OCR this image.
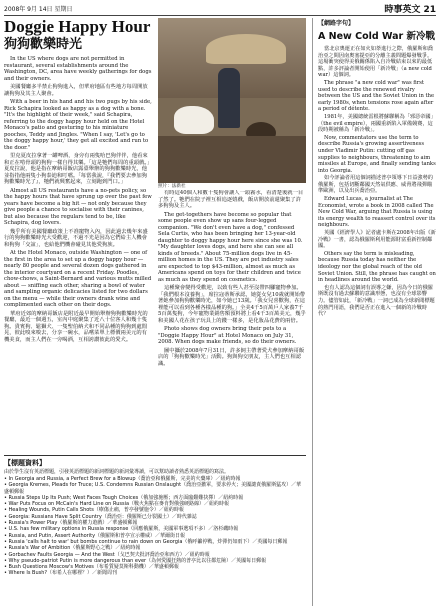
2008年 9月 14日 星期日	時事英文 21
Doggie Happy Hour
狗狗歡樂時光

In the US where dogs are not permitted in restaurant, several establishments around the Washington, DC, area have weekly gatherings for dogs and their owners.

美國餐廳多半禁止狗狗進入，但華府地區有些地方每周開放讓狗狗及其主人聚會。

With a beer in his hand and his two pugs by his side, Rick Schapira looked as happy as a dog with a bone. "It's the highlight of their week," said Schapira, referring to the doggy happy hour held on the Hotel Monaco's patio and gesturing to his miniature pooches, Teddy and Jingles. "When I say, 'Let's go to the doggy happy hour,' they get all excited and run to the door."

里克夏皮拉拿著一罐啤酒，身旁有兩隻哈巴狗伴伴，他看來和正在啃骨頭的狗狗一樣自得其樂。「這是牠們每周的重頭戲。」夏皮拉說，他是指在摩納哥飯店露臺舉辦的狗狗歡樂時光，他並指指他兩隻小狗泰迪和叮噹。「每當我說，『我們要去參加狗狗歡樂時光了』，牠們就興奮起來，立刻跑到門口。」

Almost all US restaurants have a no-pets policy, so the happy hours that have sprung up over the past few years have become a big hit — not only because they give people a chance to socialise with their canines, but also because the regulars tend to be, like Schapira, dog lovers.

幾乎所有美國餐廳政策上不准寵物入內，因此過去幾年來盛行的狗狗歡樂時光大受歡迎，不過不光是因為它們給主人機會和狗狗「交誼」，也給他們機會碰見其他愛狗族。

At the Hotel Monaco, outside Washington — one of the first in the area to set up a doggy happy hour — nearly 80 people and several dozen dogs gathered in the interior courtyard on a recent Friday. Poodles, chow-chows, a Saint-Bernard and various mutts milled about — sniffing each other, sharing a bowl of water and sampling organic delicacies listed for two dollars on the menu — while their owners drank wine and complimented each other on their dogs.

華府近郊的摩納哥飯店是附近最早開始舉辦狗狗歡樂時光的餐廳，最近一個週五，室內中庭聚集了近八十位客人和幾十隻狗。貴賓狗、鬆獅犬、一隻聖伯納犬和不同品種的狗狗到處閒晃，彼此嗅來嗅去，分享一碗水，品嚐菜單上標價兩美元的有機美食，而主人們在一旁喝酒，互相誇讚彼此的愛犬。

照片：法新社

有時這40個人和數十隻狗會讓人一頭霧水，看清楚後就一目了然了。牠們在院子裡互相追逐嬉戲，飯店開放前還聚集了許多狗狗及主人。

The get-togethers have become so popular that some people even show up sans four-legged companion. "We don't even have a dog," confessed Sela Curtis, who has been bringing her 13-year-old daughter to doggy happy hour here since she was 10. "My daughter loves dogs, and here she can see all kinds of breeds." About 75-million dogs live in 45-million homes in the US. They are pet industry sales are expected to top $43-million, almost as much as Americans spend on toys for their children and twice as much as they spend on cosmetics.

這種聚會變得受歡迎，以致有些人甚至沒帶四腳寵物參加。「我們根本沒養狗」，席拉寇蒂斯承認，她從女兒10歲就開始帶著她參加狗狗歡樂時光，如今她已13歲。「我女兒喜歡狗，在這裡能可以看到各種各樣品種的狗。」全美4千5百萬戶人家養7千5百萬隻狗，今年寵物業銷售額預料將上看4千3百萬美元，幾乎和美國人花在孩子玩具上的錢一樣多，是化妝品花費的兩倍。

Photo shows dog owners bring their pets to a "Doggie Happy Hour" at Hotel Monaco on July 31, 2008. When dogs make friends, so do their owners.

圖中攝於2008年7月31日，許多飼主帶著愛犬參加摩納哥飯店的「狗狗歡樂時光」活動。狗與狗交朋友，主人們也互相認識。

【標題資料】
由於學生沒有英語標題，引發英語標題的新詞標題的新詞彙導讀，可以幫助讀者熟悉英語標題的寫法。
• In Georgia and Russia, a Perfect Brew for a Blowup（喬治亞和俄羅斯，完美的火藥庫）／紐約時報
• Georgia Kremes, Pleads for Truce; U.S. Condemns Russian Onslaught（喬治亞撤軍，要求停火；美國譴責俄羅斯猛攻）／華盛頓郵報
• Russia Steps Up Its Push; West Faces Tough Choices（俄加強施壓；西方面臨艱難抉擇）／紐約時報
• War Puts Focus on McCain's Hard Line on Russia（戰火焦點在麥肯對俄強硬路線）／紐約時報
• Healing Wounds, Putin Calls Shots（療傷止痛，普亭發號施令）／紐約時報
• Georgia: Russians Have Split Country（喬治亞：俄羅斯已分裂國土）／時代雜誌
• Russia's Power Play（俄羅斯的權力遊戲）／華盛頓郵報
• U.S. has few military options in Russia response（回應俄羅斯，美國軍事選項不多）／洛杉磯時報
• Russia, and Putin, Assert Authority（俄羅斯和普亭宣示權威）／華爾街日報
• Russia 'calls halt to war' but bombs continue to rain down on Georgia（俄呼籲停戰，炸彈仍如雨下）／英國每日郵報
• Russia's War of Ambition（俄羅斯野心之戰）／紐約時報
• Gorbachev Faults Georgia — And the West（戈巴契夫批評喬治亞和西方）／紐約時報
• Why pseudo-patriot Putin is more dangerous than ever（為何愛國狂熱的普亭比以往都危險）／英國每日郵報
• Bush Questions Moscow's Motives（布希質疑莫斯科動機）／華盛頓郵報
• Where Is Bush?（布希人在哪裡？）／新聞周刊
【網路字句】
A New Cold War 新冷戰

當北京奧運正在如火如荼進行之際，俄羅斯和喬治亞之間因南奧塞提亞的分離主義問題爆發戰爭。這場衝突使得美俄關係陷入自冷戰結束以來的最低點，許多評論者開始使用「新冷戰」（a new cold war）這個詞。

The phrase "a new cold war" was first used to describe the renewed rivalry between the US and the Soviet Union in the early 1980s, when tensions rose again after a period of détente.

1981年，美國總統雷根將蘇聯稱為「邪惡帝國」（the evil empire），兩國重新陷入軍備競賽，這段時期被稱為「新冷戰」。

Now, commentators use the term to describe Russia's growing assertiveness under Vladimir Putin: cutting off gas supplies to neighbours, threatening to aim missiles at Europe, and finally sending tanks into Georgia.

如今評論者用這個詞描述普亭領導下日益強勢的俄羅斯，包括切斷鄰國天然氣供應、威脅將飛彈瞄準歐洲，以及出兵喬治亞。

Edward Lucas, a journalist at The Economist, wrote a book in 2008 called The New Cold War, arguing that Russia is using its energy wealth to reassert control over its neighbours.

英國《經濟學人》記者盧卡斯在2008年出版《新冷戰》一書，認為俄羅斯利用能源財富重新控制鄰國。

Others say the term is misleading, because Russia today has neither the ideology nor the global reach of the old Soviet Union. Still, the phrase has caught on in headlines around the world.

也有人認為這個詞有誤導之嫌，因為今日的俄羅斯既沒有過去蘇聯的意識形態，也沒有全球影響力。儘管如此，「新冷戰」一詞已成為全球新聞標題的熱門用語，我們是否正在進入一個新的冷戰時代？
